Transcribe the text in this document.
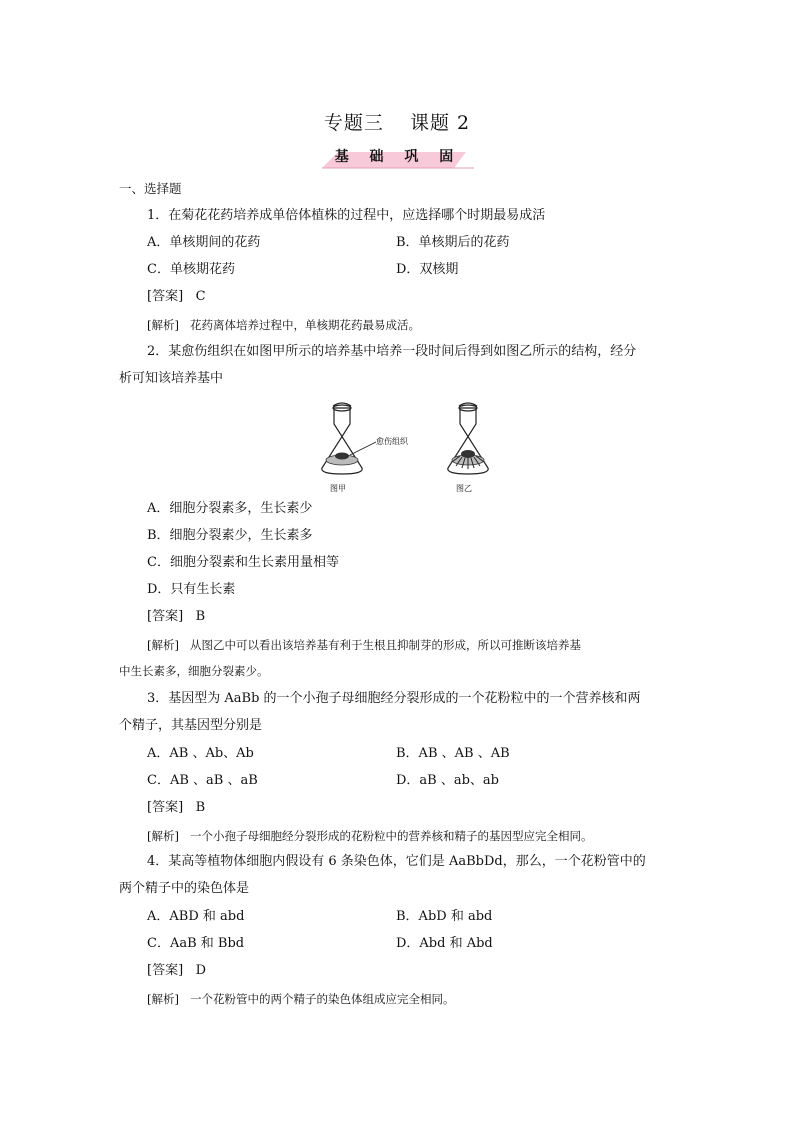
专题三 课题 2
基 础 巩 固
一、选择题
1．在菊花花药培养成单倍体植株的过程中，应选择哪个时期最易成活
A．单核期间的花药	B．单核期后的花药
C．单核期花药	D．双核期
[答案] C
[解析] 花药离体培养过程中，单核期花药最易成活。
2．某愈伤组织在如图甲所示的培养基中培养一段时间后得到如图乙所示的结构，经分
析可知该培养基中
愈伤组织
图甲	图乙
A．细胞分裂素多，生长素少
B．细胞分裂素少，生长素多
C．细胞分裂素和生长素用量相等
D．只有生长素
[答案] B
[解析] 从图乙中可以看出该培养基有利于生根且抑制芽的形成，所以可推断该培养基
中生长素多，细胞分裂素少。
3．基因型为 AaBb 的一个小孢子母细胞经分裂形成的一个花粉粒中的一个营养核和两
个精子，其基因型分别是
A．AB 、Ab、Ab	B．AB 、AB 、AB
C．AB 、aB 、aB	D．aB 、ab、ab
[答案] B
[解析] 一个小孢子母细胞经分裂形成的花粉粒中的营养核和精子的基因型应完全相同。
4．某高等植物体细胞内假设有 6 条染色体，它们是 AaBbDd，那么，一个花粉管中的
两个精子中的染色体是
A．ABD 和 abd	B．AbD 和 abd
C．AaB 和 Bbd	D．Abd 和 Abd
[答案] D
[解析] 一个花粉管中的两个精子的染色体组成应完全相同。
